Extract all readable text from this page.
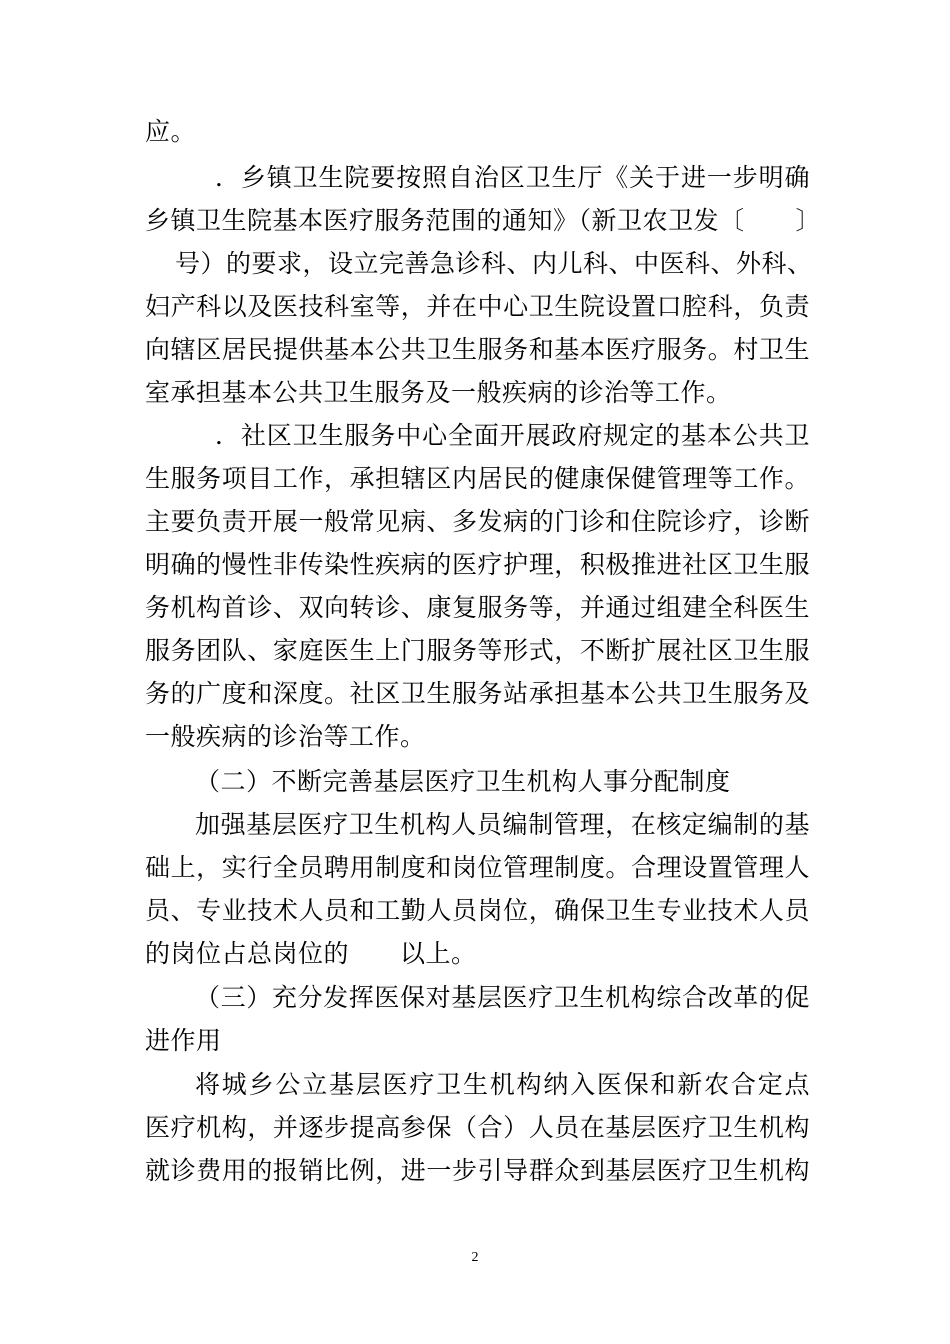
应。
．乡镇卫生院要按照自治区卫生厅《关于进一步明确
乡镇卫生院基本医疗服务范围的通知》（新卫农卫发〔　　〕
号）的要求，设立完善急诊科、内儿科、中医科、外科、
妇产科以及医技科室等，并在中心卫生院设置口腔科，负责
向辖区居民提供基本公共卫生服务和基本医疗服务。村卫生
室承担基本公共卫生服务及一般疾病的诊治等工作。
．社区卫生服务中心全面开展政府规定的基本公共卫
生服务项目工作，承担辖区内居民的健康保健管理等工作。
主要负责开展一般常见病、多发病的门诊和住院诊疗，诊断
明确的慢性非传染性疾病的医疗护理，积极推进社区卫生服
务机构首诊、双向转诊、康复服务等，并通过组建全科医生
服务团队、家庭医生上门服务等形式，不断扩展社区卫生服
务的广度和深度。社区卫生服务站承担基本公共卫生服务及
一般疾病的诊治等工作。
（二）不断完善基层医疗卫生机构人事分配制度
加强基层医疗卫生机构人员编制管理，在核定编制的基
础上，实行全员聘用制度和岗位管理制度。合理设置管理人
员、专业技术人员和工勤人员岗位，确保卫生专业技术人员
的岗位占总岗位的　　以上。
（三）充分发挥医保对基层医疗卫生机构综合改革的促
进作用
将城乡公立基层医疗卫生机构纳入医保和新农合定点
医疗机构，并逐步提高参保（合）人员在基层医疗卫生机构
就诊费用的报销比例，进一步引导群众到基层医疗卫生机构
2
